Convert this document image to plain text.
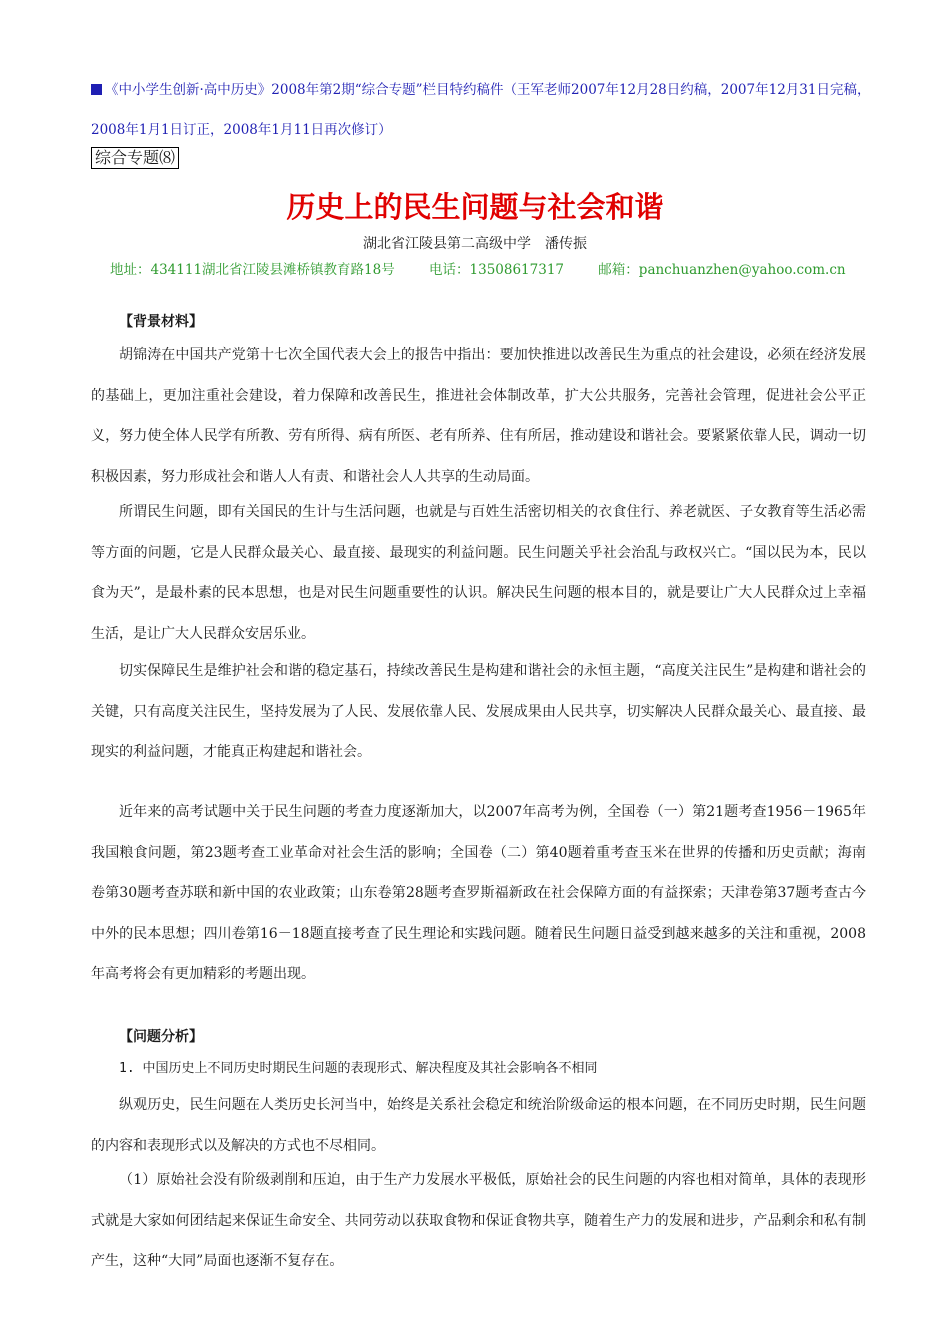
《中小学生创新·高中历史》2008年第2期“综合专题”栏目特约稿件（王军老师2007年12月28日约稿，2007年12月31日完稿，2008年1月1日订正，2008年1月11日再次修订）
综合专题⑻
历史上的民生问题与社会和谐
湖北省江陵县第二高级中学　潘传振
地址：434111湖北省江陵县滩桥镇教育路18号	电话：13508617317	邮箱：panchuanzhen@yahoo.com.cn
【背景材料】

胡锦涛在中国共产党第十七次全国代表大会上的报告中指出：要加快推进以改善民生为重点的社会建设，必须在经济发展的基础上，更加注重社会建设，着力保障和改善民生，推进社会体制改革，扩大公共服务，完善社会管理，促进社会公平正义，努力使全体人民学有所教、劳有所得、病有所医、老有所养、住有所居，推动建设和谐社会。要紧紧依靠人民，调动一切积极因素，努力形成社会和谐人人有责、和谐社会人人共享的生动局面。

所谓民生问题，即有关国民的生计与生活问题，也就是与百姓生活密切相关的衣食住行、养老就医、子女教育等生活必需等方面的问题，它是人民群众最关心、最直接、最现实的利益问题。民生问题关乎社会治乱与政权兴亡。“国以民为本，民以食为天”，是最朴素的民本思想，也是对民生问题重要性的认识。解决民生问题的根本目的，就是要让广大人民群众过上幸福生活，是让广大人民群众安居乐业。

切实保障民生是维护社会和谐的稳定基石，持续改善民生是构建和谐社会的永恒主题，“高度关注民生”是构建和谐社会的关键，只有高度关注民生，坚持发展为了人民、发展依靠人民、发展成果由人民共享，切实解决人民群众最关心、最直接、最现实的利益问题，才能真正构建起和谐社会。

近年来的高考试题中关于民生问题的考查力度逐渐加大，以2007年高考为例，全国卷（一）第21题考查1956－1965年我国粮食问题，第23题考查工业革命对社会生活的影响；全国卷（二）第40题着重考查玉米在世界的传播和历史贡献；海南卷第30题考查苏联和新中国的农业政策；山东卷第28题考查罗斯福新政在社会保障方面的有益探索；天津卷第37题考查古今中外的民本思想；四川卷第16－18题直接考查了民生理论和实践问题。随着民生问题日益受到越来越多的关注和重视，2008年高考将会有更加精彩的考题出现。

【问题分析】
1. 中国历史上不同历史时期民生问题的表现形式、解决程度及其社会影响各不相同

纵观历史，民生问题在人类历史长河当中，始终是关系社会稳定和统治阶级命运的根本问题，在不同历史时期，民生问题的内容和表现形式以及解决的方式也不尽相同。

（1）原始社会没有阶级剥削和压迫，由于生产力发展水平极低，原始社会的民生问题的内容也相对简单，具体的表现形式就是大家如何团结起来保证生命安全、共同劳动以获取食物和保证食物共享，随着生产力的发展和进步，产品剩余和私有制产生，这种“大同”局面也逐渐不复存在。
